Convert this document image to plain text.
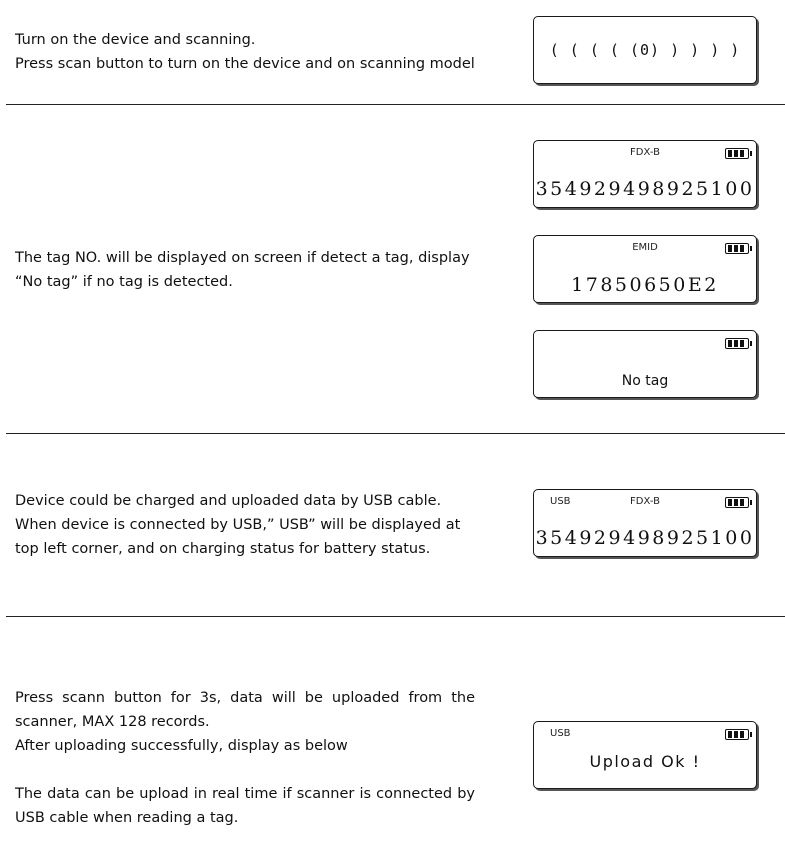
Turn on the device and scanning.

Press scan button to turn on the device and on scanning model

( ( ( ( (0) ) ) ) )

The tag NO. will be displayed on screen if detect a tag, display “No tag” if no tag is detected.

FDX-B
354929498925100
EMID
17850650E2
No tag

Device could be charged and uploaded data by USB cable.

When device is connected by USB,” USB” will be displayed at top left corner, and on charging status for battery status.

USB	FDX-B
354929498925100

Press scann button for 3s, data will be uploaded from the scanner, MAX 128 records.

After uploading successfully, display as below

The data can be upload in real time if scanner is connected by USB cable when reading a tag.

USB
Upload Ok !
